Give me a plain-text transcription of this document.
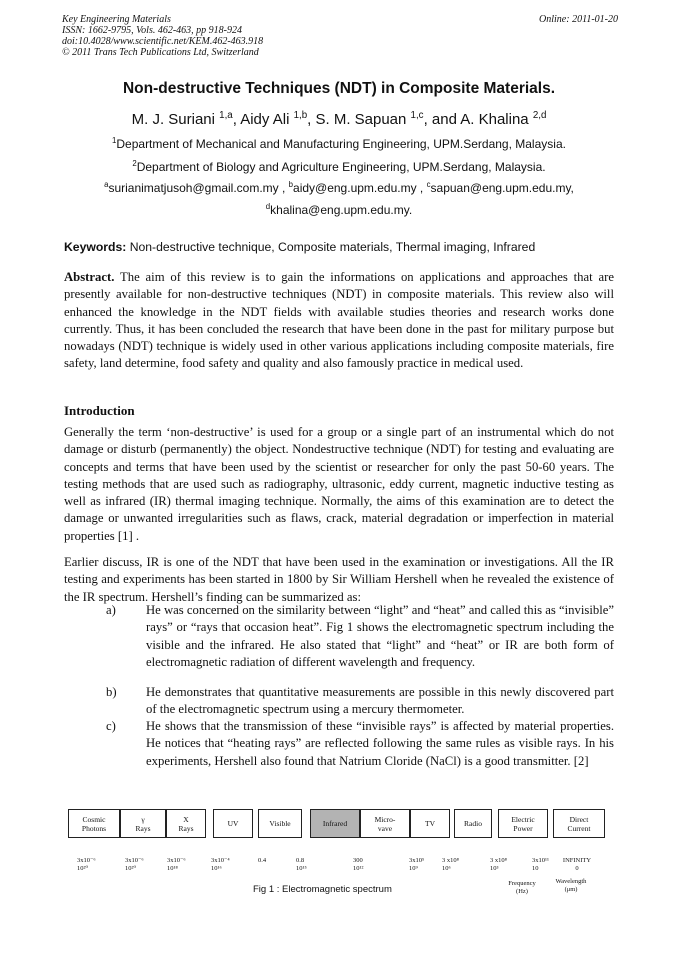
Key Engineering Materials
ISSN: 1662-9795, Vols. 462-463, pp 918-924
doi:10.4028/www.scientific.net/KEM.462-463.918
© 2011 Trans Tech Publications Ltd, Switzerland
Online: 2011-01-20
Non-destructive Techniques (NDT) in Composite Materials.
M. J. Suriani $^{1,a}$, Aidy Ali $^{1,b}$, S. M. Sapuan $^{1,c}$, and A. Khalina $^{2,d}$
$^1$Department of Mechanical and Manufacturing Engineering, UPM.Serdang, Malaysia.
$^2$Department of Biology and Agriculture Engineering, UPM.Serdang, Malaysia.
$^a$surianimatjusoh@gmail.com.my , $^b$aidy@eng.upm.edu.my , $^c$sapuan@eng.upm.edu.my,
$^d$khalina@eng.upm.edu.my.
Keywords: Non-destructive technique, Composite materials, Thermal imaging, Infrared
Abstract. The aim of this review is to gain the informations on applications and approaches that are presently available for non-destructive techniques (NDT) in composite materials. This review also will enhanced the knowledge in the NDT fields with available studies theories and research works done currently. Thus, it has been concluded the research that have been done in the past for military purpose but nowadays (NDT) technique is widely used in other various applications including composite materials, fire safety, land determine, food safety and quality and also famously practice in medical used.
Introduction
Generally the term ‘non-destructive’ is used for a group or a single part of an instrumental which do not damage or disturb (permanently) the object. Nondestructive technique (NDT) for testing and evaluating are concepts and terms that have been used by the scientist or researcher for only the past 50-60 years. The testing methods that are used such as radiography, ultrasonic, eddy current, magnetic inductive testing as well as infrared (IR) thermal imaging technique. Normally, the aims of this examination are to detect the damage or unwanted irregularities such as flaws, crack, material degradation or imperfection in material properties [1] .
Earlier discuss, IR is one of the NDT that have been used in the examination or investigations. All the IR testing and experiments has been started in 1800 by Sir William Hershell when he revealed the existence of the IR spectrum. Hershell’s finding can be summarized as:
a) He was concerned on the similarity between “light” and “heat” and called this as “invisible” rays” or “rays that occasion heat”. Fig 1 shows the electromagnetic spectrum including the visible and the infrared. He also stated that “light” and “heat” or IR are both form of electromagnetic radiation of different wavelength and frequency.
b) He demonstrates that quantitative measurements are possible in this newly discovered part of the electromagnetic spectrum using a mercury thermometer.
c) He shows that the transmission of these “invisible rays” is affected by material properties. He notices that “heating rays” are reflected following the same rules as visible rays. In his experiments, Hershell also found that Natrium Cloride (NaCl) is a good transmitter. [2]
Cosmic
Photons
γ
Rays
X
Rays	UV	Visible	Infrared	Micro-
vave	TV	Radio	Electric
Power
Direct
Current
3x10⁻⁶
10²⁰
3x10⁻⁶
10²⁰
3x10⁻⁶
10¹⁸
3x10⁻⁴
10¹⁶
0.4	0.8
10¹⁵
300
10¹²
3x10⁵
10⁹
3 x10⁸
10⁶
3 x10⁸
10³
3x10¹¹
10
INFINITY
0
Frequency (Hz)
Wavelength (μm)
Fig 1 : Electromagnetic spectrum
